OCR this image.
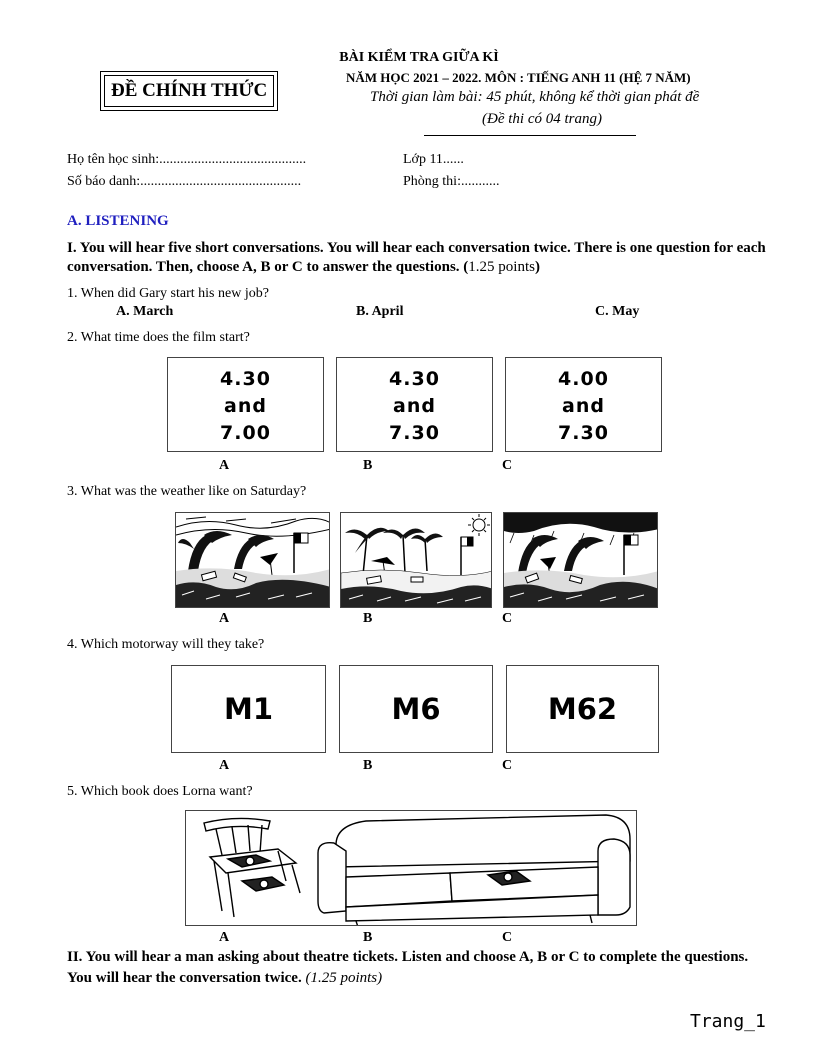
BÀI KIỂM TRA GIỮA KÌ
NĂM HỌC 2021 – 2022. MÔN : TIẾNG ANH 11 (HỆ 7 NĂM)
Thời gian làm bài: 45 phút, không kể thời gian phát đề
(Đề thi có 04 trang)
ĐỀ CHÍNH THỨC
Họ tên học sinh:..........................................	Lớp 11......
Số báo danh:..............................................	Phòng thi:...........
A. LISTENING
I. You will hear five short conversations. You will hear each conversation twice. There is one question for each conversation. Then, choose A, B or C to answer the questions. (1.25 points)
1. When did Gary start his new job?
A. March	B. April	C. May
2. What time does the film start?
4.30
and
7.00
4.30
and
7.30
4.00
and
7.30
A	B	C
3. What was the weather like on Saturday?
A	B	C
4. Which motorway will they take?
M1	M6	M62
A	B	C
5. Which book does Lorna want?
A	B	C
II. You will hear a man asking about theatre tickets. Listen and choose A, B or C to complete the questions. You will hear the conversation twice. (1.25 points)
Trang_1
